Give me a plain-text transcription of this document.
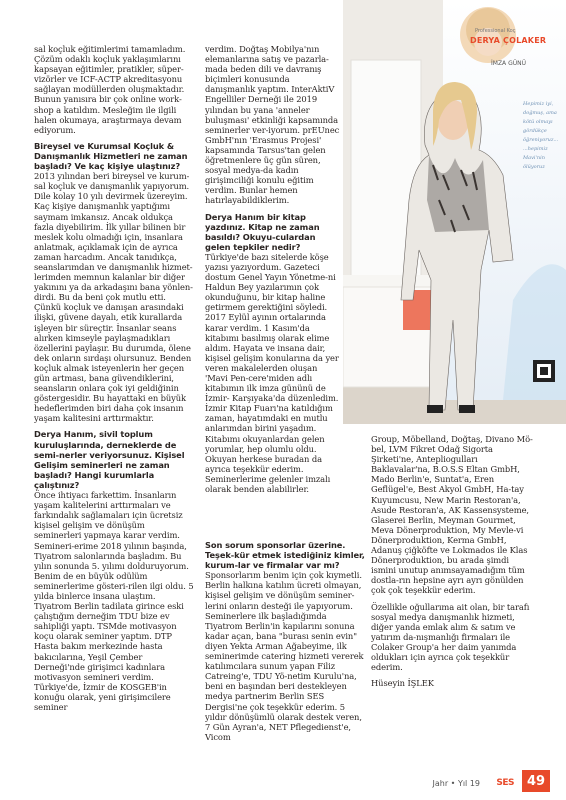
sal koçluk eğitimlerimi tamamladım. Çözüm odaklı koçluk yaklaşımlarını kapsayan eğitimler, pratikler, süper-vizörler ve ICF-ACTP akreditasyonu sağlayan modüllerden oluşmaktadır. Bunun yanısıra bir çok online work-shop a katıldım. Mesleğim ile ilgili halen okumaya, araştırmaya devam ediyorum.

Bireysel ve Kurumsal Koçluk & Danışmanlık Hizmetleri ne zaman başladı? Ve kaç kişiye ulaştınız?

2013 yılından beri bireysel ve kurum-sal koçluk ve danışmanlık yapıyorum. Dile kolay 10 yılı devirmek üzereyim. Kaç kişiye danışmanlık yaptığımı saymam imkansız. Ancak oldukça fazla diyebilirim. İlk yıllar bilinen bir meslek kolu olmadığı için, insanlara anlatmak, açıklamak için de ayrıca zaman harcadım. Ancak tanıdıkça, seanslarımdan ve danışmanlık hizmet-lerimden memnun kalanlar bir diğer yakınını ya da arkadaşını bana yönlen-dirdi. Bu da beni çok mutlu etti. Çünkü koçluk ve danışan arasındaki ilişki, güvene dayalı, etik kurallarda işleyen bir süreçtir. İnsanlar seans alırken kimseyle paylaşmadıkları özellerini paylaşır. Bu durumda, ölene dek onların sırdaşı olursunuz. Benden koçluk almak isteyenlerin her geçen gün artması, bana güvendiklerini, seansların onlara çok iyi geldiğinin göstergesidir. Bu hayattaki en büyük hedeflerimden biri daha çok insanın yaşam kalitesini arttırmaktır.

Derya Hanım, sivil toplum kuruluşlarında, derneklerde de semi-nerler veriyorsunuz. Kişisel Gelişim seminerleri ne zaman başladı? Hangi kurumlarla çalıştınız?

Önce ihtiyacı farkettim. İnsanların yaşam kalitelerini arttırmaları ve farkındalık sağlamaları için ücretsiz kişisel gelişim ve dönüşüm seminerleri yapmaya karar verdim. Semineri-erime 2018 yılının başında, Tiyatrom salonlarında başladım. Bu yılın sonunda 5. yılımı dolduruyorum. Benim de en büyük odülüm seminerlerime gösteri-rilen ilgi oldu. 5 yılda binlerce insana ulaştım. Tiyatrom Berlin tadilata girince eski çalıştığım derneğim TDU bize ev sahipliği yaptı. TSMde motivasyon koçu olarak seminer yaptım. DTP Hasta bakım merkezinde hasta bakıcılarına, Yeşil Çember Derneği'nde girişimci kadınlara motivasyon semineri verdim. Türkiye'de, İzmir de KOSGEB'in konuğu olarak, yeni girişimcilere seminer

verdim. Doğtaş Mobilya'nın elemanlarına satış ve pazarla-mada beden dili ve davranış biçimleri konusunda danışmanlık yaptım. InterAktiV Engelliler Derneği ile 2019 yılından bu yana 'anneler buluşması' etkinliği kapsamında seminerler ver-iyorum. prEUnec GmbH'nın 'Erasmus Projesi' kapsamında Tarsus'tan gelen öğretmenlere üç gün süren, sosyal medya-da kadın girişimciliği konulu eğitim verdim. Bunlar hemen hatırlayabildiklerim.

Derya Hanım bir kitap yazdınız. Kitap ne zaman basıldı? Okuyu-culardan gelen tepkiler nedir?

Türkiye'de bazı sitelerde köşe yazısı yazıyordum. Gazeteci dostum Genel Yayın Yönetme-ni Haldun Bey yazılarımın çok okunduğunu, bir kitap haline getirmem gerektiğini söyledi. 2017 Eylül ayının ortalarında karar verdim. 1 Kasım'da kitabımı basılmış olarak elime aldım. Hayata ve insana dair, kişisel gelişim konularına da yer veren makalelerden oluşan 'Mavi Pen-cere'miden adlı kitabımın ilk imza gününü de İzmir- Karşıyaka'da düzenledim. İzmir Kitap Fuarı'na katıldığım zaman, hayatımdaki en mutlu anlarımdan birini yaşadım. Kitabımı okuyanlardan gelen yorumlar, hep olumlu oldu. Okuyan herkese buradan da ayrıca teşekkür ederim. Seminerlerime gelenler imzalı olarak benden alabilirler.

Son sorum sponsorlar üzerine. Teşek-kür etmek istediğiniz kimler, kurum-lar ve firmalar var mı?

Sponsorlarım benim için çok kıymetli. Berlin halkına katılım ücreti olmayan, kişisel gelişim ve dönüşüm seminer-lerini onların desteği ile yapıyorum. Seminerlere ilk başladığımda Tiyatrom Berlin'in kapılarını sonuna kadar açan, bana "burası senin evin" diyen Yekta Arman Ağabeyime, ilk seminerimde catering hizmeti vererek katılımcılara sunum yapan Filiz Catreing'e, TDU Yö-netim Kurulu'na, beni en başından beri destekleyen medya partnerim Berlin SES Dergisi'ne çok teşekkür ederim. 5 yıldır dönüşümlü olarak destek veren, 7 Gün Ayran'a, NET Pflegedienst'e, Vicom

Group, Möbelland, Doğtaş, Divano Mö-bel, LVM Fikret Odağ Sigorta Şirketi'ne, Antepliogulları Baklavalar'na, B.O.S.S Eltan GmbH, Mado Berlin'e, Suntat'a, Eren Geflügel'e, Best Akyol GmbH, Ha-tay Kuyumcusu, New Marin Restoran'a, Asude Restoran'a, AK Kassensysteme, Glaserei Berlin, Meyman Gourmet, Meva Dönerproduktion, My Mevle-vi Dönerproduktion, Kerma GmbH, Adanuş çiğköfte ve Lokmados ile Klas Dönerproduktion, bu arada şimdi ismini unutup anımsayamadığım tüm dostla-rın hepsine ayrı ayrı gönülden çok çok teşekkür ederim.

Özellikle oğullarıma ait olan, bir tarafı sosyal medya danışmanlık hizmeti, diğer yanda emlak alım & satım ve yatırım da-nışmanlığı firmaları ile Colaker Group'a her daim yanımda oldukları için ayrıca çok teşekkür ederim.

Hüseyin İŞLEK

Professional Koç
DERYA ÇOLAKER
İMZA GÜNÜ
Hepimiz iyi, doğmuş, ama kötü olmayı gördükçe öğreniyoruz... ...hepimiz Mavi'nin ölüyoruz
Jahr • Yıl 19 SES 49
